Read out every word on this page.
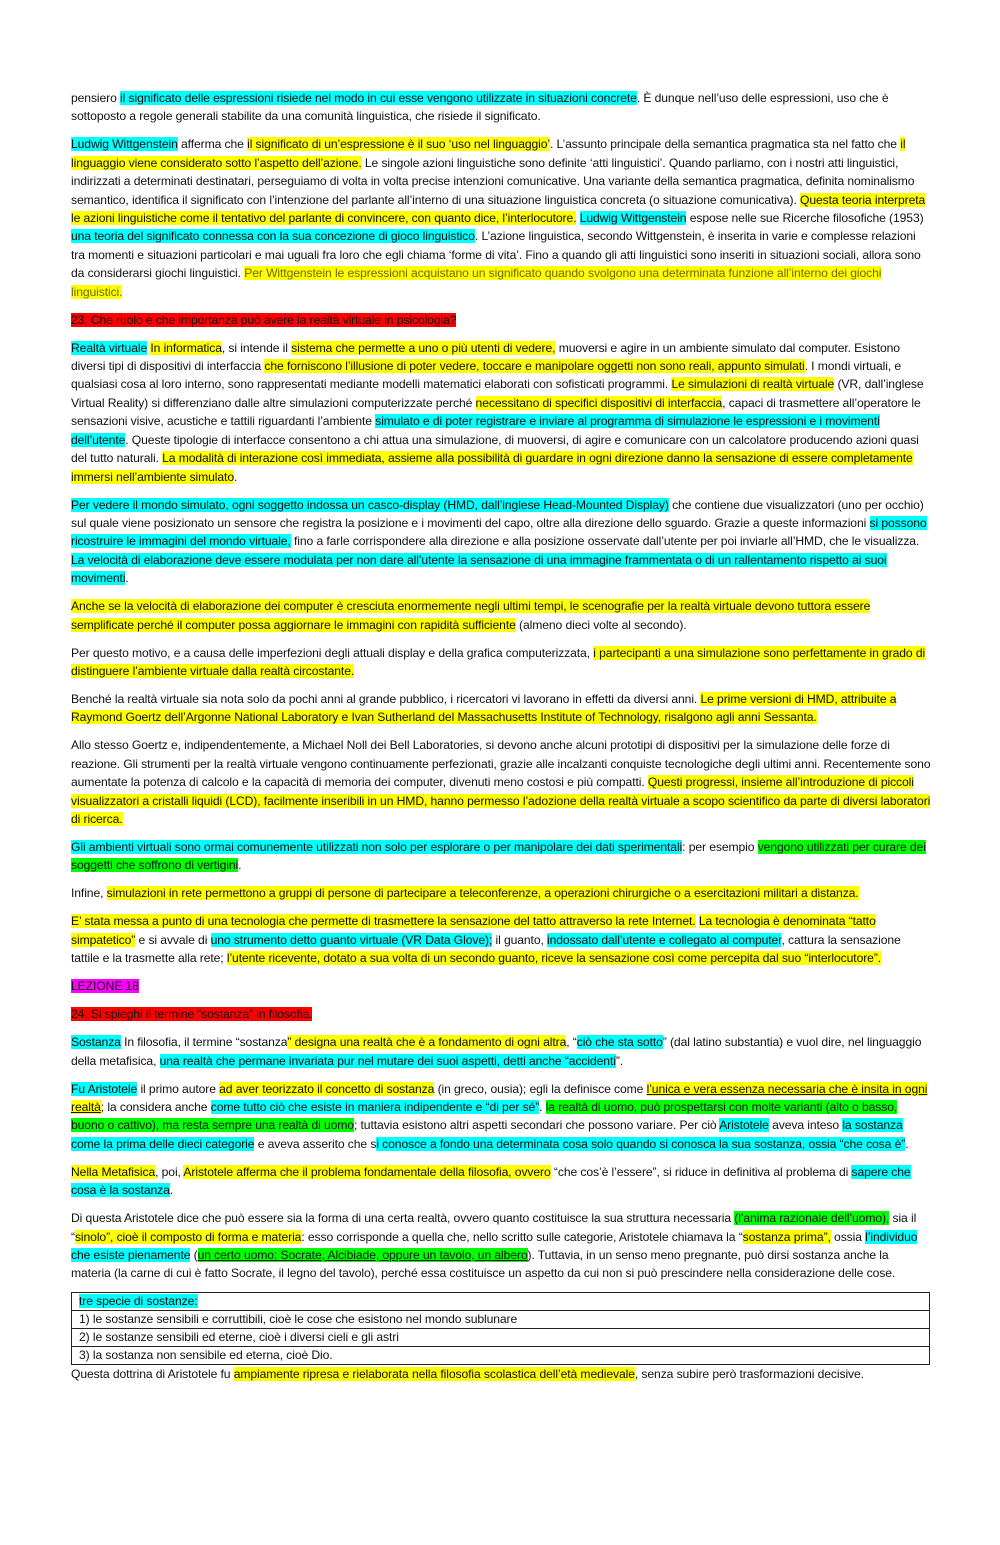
pensiero il significato delle espressioni risiede nel modo in cui esse vengono utilizzate in situazioni concrete. È dunque nell’uso delle espressioni, uso che è sottoposto a regole generali stabilite da una comunità linguistica, che risiede il significato.

Ludwig Wittgenstein afferma che il significato di un’espressione è il suo ‘uso nel linguaggio’. L’assunto principale della semantica pragmatica sta nel fatto che il linguaggio viene considerato sotto l’aspetto dell’azione. Le singole azioni linguistiche sono definite ‘atti linguistici’. Quando parliamo, con i nostri atti linguistici, indirizzati a determinati destinatari, perseguiamo di volta in volta precise intenzioni comunicative. Una variante della semantica pragmatica, definita nominalismo semantico, identifica il significato con l’intenzione del parlante all’interno di una situazione linguistica concreta (o situazione comunicativa). Questa teoria interpreta le azioni linguistiche come il tentativo del parlante di convincere, con quanto dice, l’interlocutore. Ludwig Wittgenstein espose nelle sue Ricerche filosofiche (1953) una teoria del significato connessa con la sua concezione di gioco linguistico. L’azione linguistica, secondo Wittgenstein, è inserita in varie e complesse relazioni tra momenti e situazioni particolari e mai uguali fra loro che egli chiama ‘forme di vita’. Fino a quando gli atti linguistici sono inseriti in situazioni sociali, allora sono da considerarsi giochi linguistici. Per Wittgenstein le espressioni acquistano un significato quando svolgono una determinata funzione all’interno dei giochi linguistici.

23. Che ruolo e che importanza può avere la realtà virtuale in psicologia?

Realtà virtuale In informatica, si intende il sistema che permette a uno o più utenti di vedere, muoversi e agire in un ambiente simulato dal computer. Esistono diversi tipi di dispositivi di interfaccia che forniscono l’illusione di poter vedere, toccare e manipolare oggetti non sono reali, appunto simulati. I mondi virtuali, e qualsiasi cosa al loro interno, sono rappresentati mediante modelli matematici elaborati con sofisticati programmi. Le simulazioni di realtà virtuale (VR, dall’inglese Virtual Reality) si differenziano dalle altre simulazioni computerizzate perché necessitano di specifici dispositivi di interfaccia, capaci di trasmettere all’operatore le sensazioni visive, acustiche e tattili riguardanti l’ambiente simulato e di poter registrare e inviare al programma di simulazione le espressioni e i movimenti dell’utente. Queste tipologie di interfacce consentono a chi attua una simulazione, di muoversi, di agire e comunicare con un calcolatore producendo azioni quasi del tutto naturali. La modalità di interazione così immediata, assieme alla possibilità di guardare in ogni direzione danno la sensazione di essere completamente immersi nell’ambiente simulato.

Per vedere il mondo simulato, ogni soggetto indossa un casco-display (HMD, dall’inglese Head-Mounted Display) che contiene due visualizzatori (uno per occhio) sul quale viene posizionato un sensore che registra la posizione e i movimenti del capo, oltre alla direzione dello sguardo. Grazie a queste informazioni si possono ricostruire le immagini del mondo virtuale, fino a farle corrispondere alla direzione e alla posizione osservate dall’utente per poi inviarle all’HMD, che le visualizza. La velocità di elaborazione deve essere modulata per non dare all’utente la sensazione di una immagine frammentata o di un rallentamento rispetto ai suoi movimenti.

Anche se la velocità di elaborazione dei computer è cresciuta enormemente negli ultimi tempi, le scenografie per la realtà virtuale devono tuttora essere semplificate perché il computer possa aggiornare le immagini con rapidità sufficiente (almeno dieci volte al secondo).

Per questo motivo, e a causa delle imperfezioni degli attuali display e della grafica computerizzata, i partecipanti a una simulazione sono perfettamente in grado di distinguere l’ambiente virtuale dalla realtà circostante.

Benché la realtà virtuale sia nota solo da pochi anni al grande pubblico, i ricercatori vi lavorano in effetti da diversi anni. Le prime versioni di HMD, attribuite a Raymond Goertz dell’Argonne National Laboratory e Ivan Sutherland del Massachusetts Institute of Technology, risalgono agli anni Sessanta.

Allo stesso Goertz e, indipendentemente, a Michael Noll dei Bell Laboratories, si devono anche alcuni prototipi di dispositivi per la simulazione delle forze di reazione. Gli strumenti per la realtà virtuale vengono continuamente perfezionati, grazie alle incalzanti conquiste tecnologiche degli ultimi anni. Recentemente sono aumentate la potenza di calcolo e la capacità di memoria dei computer, divenuti meno costosi e più compatti. Questi progressi, insieme all’introduzione di piccoli visualizzatori a cristalli liquidi (LCD), facilmente inseribili in un HMD, hanno permesso l’adozione della realtà virtuale a scopo scientifico da parte di diversi laboratori di ricerca.

Gli ambienti virtuali sono ormai comunemente utilizzati non solo per esplorare o per manipolare dei dati sperimentali: per esempio vengono utilizzati per curare dei soggetti che soffrono di vertigini.

Infine, simulazioni in rete permettono a gruppi di persone di partecipare a teleconferenze, a operazioni chirurgiche o a esercitazioni militari a distanza.

E’ stata messa a punto di una tecnologia che permette di trasmettere la sensazione del tatto attraverso la rete Internet. La tecnologia è denominata “tatto simpatetico” e si avvale di uno strumento detto guanto virtuale (VR Data Glove); il guanto, indossato dall’utente e collegato al computer, cattura la sensazione tattile e la trasmette alla rete; l’utente ricevente, dotato a sua volta di un secondo guanto, riceve la sensazione così come percepita dal suo “interlocutore”.

LEZIONE 18

24. Si spieghi il termine “sostanza” in filosofia.

Sostanza In filosofia, il termine “sostanza” designa una realtà che è a fondamento di ogni altra, “ciò che sta sotto” (dal latino substantia) e vuol dire, nel linguaggio della metafisica, una realtà che permane invariata pur nel mutare dei suoi aspetti, detti anche “accidenti”.

Fu Aristotele il primo autore ad aver teorizzato il concetto di sostanza (in greco, ousia); egli la definisce come l’unica e vera essenza necessaria che è insita in ogni realtà; la considera anche come tutto ciò che esiste in maniera indipendente e “di per sé”. la realtà di uomo, può prospettarsi con molte varianti (alto o basso, buono o cattivo), ma resta sempre una realtà di uomo; tuttavia esistono altri aspetti secondari che possono variare. Per ciò Aristotele aveva inteso la sostanza come la prima delle dieci categorie e aveva asserito che si conosce a fondo una determinata cosa solo quando si conosca la sua sostanza, ossia “che cosa è”.

Nella Metafisica, poi, Aristotele afferma che il problema fondamentale della filosofia, ovvero “che cos’è l’essere”, si riduce in definitiva al problema di sapere che cosa è la sostanza.

Di questa Aristotele dice che può essere sia la forma di una certa realtà, ovvero quanto costituisce la sua struttura necessaria (l’anima razionale dell’uomo), sia il “sinolo”, cioè il composto di forma e materia: esso corrisponde a quella che, nello scritto sulle categorie, Aristotele chiamava la “sostanza prima”, ossia l’individuo che esiste pienamente (un certo uomo: Socrate, Alcibiade, oppure un tavolo, un albero). Tuttavia, in un senso meno pregnante, può dirsi sostanza anche la materia (la carne di cui è fatto Socrate, il legno del tavolo), perché essa costituisce un aspetto da cui non si può prescindere nella considerazione delle cose.

tre specie di sostanze:
1) le sostanze sensibili e corruttibili, cioè le cose che esistono nel mondo sublunare
2) le sostanze sensibili ed eterne, cioè i diversi cieli e gli astri
3) la sostanza non sensibile ed eterna, cioè Dio.

Questa dottrina di Aristotele fu ampiamente ripresa e rielaborata nella filosofia scolastica dell’età medievale, senza subire però trasformazioni decisive.
